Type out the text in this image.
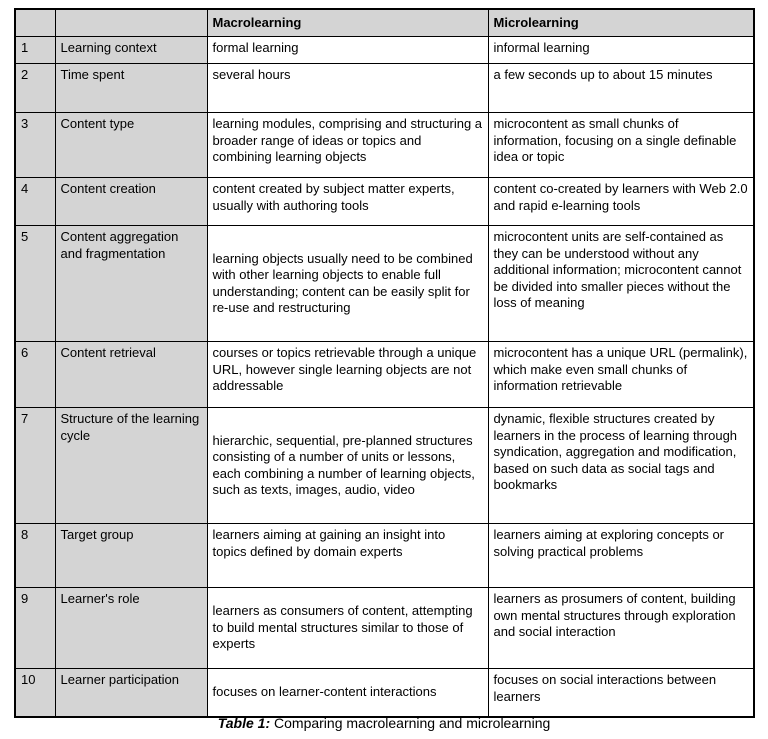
		Macrolearning	Microlearning
1	Learning context	formal learning	informal learning
2	Time spent	several hours	a few seconds up to about 15 minutes
3	Content type	learning modules, comprising and structuring a broader range of ideas or topics and combining learning objects	microcontent as small chunks of information, focusing on a single definable idea or topic
4	Content creation	content created by subject matter experts, usually with authoring tools	content co-created by learners with Web 2.0 and rapid e-learning tools
5	Content aggregation and fragmentation	learning objects usually need to be combined with other learning objects to enable full understanding; content can be easily split for re-use and restructuring	microcontent units are self-contained as they can be understood without any additional information; microcontent cannot be divided into smaller pieces without the loss of meaning
6	Content retrieval	courses or topics retrievable through a unique URL, however single learning objects are not addressable	microcontent has a unique URL (permalink), which make even small chunks of information retrievable
7	Structure of the learning cycle	hierarchic, sequential, pre-planned structures consisting of a number of units or lessons, each combining a number of learning objects, such as texts, images, audio, video	dynamic, flexible structures created by learners in the process of learning through syndication, aggregation and modification, based on such data as social tags and bookmarks
8	Target group	learners aiming at gaining an insight into topics defined by domain experts	learners aiming at exploring concepts or solving practical problems
9	Learner's role	learners as consumers of content, attempting to build mental structures similar to those of experts	learners as prosumers of content, building own mental structures through exploration and social interaction
10	Learner participation	focuses on learner-content interactions	focuses on social interactions between learners
Table 1: Comparing macrolearning and microlearning
